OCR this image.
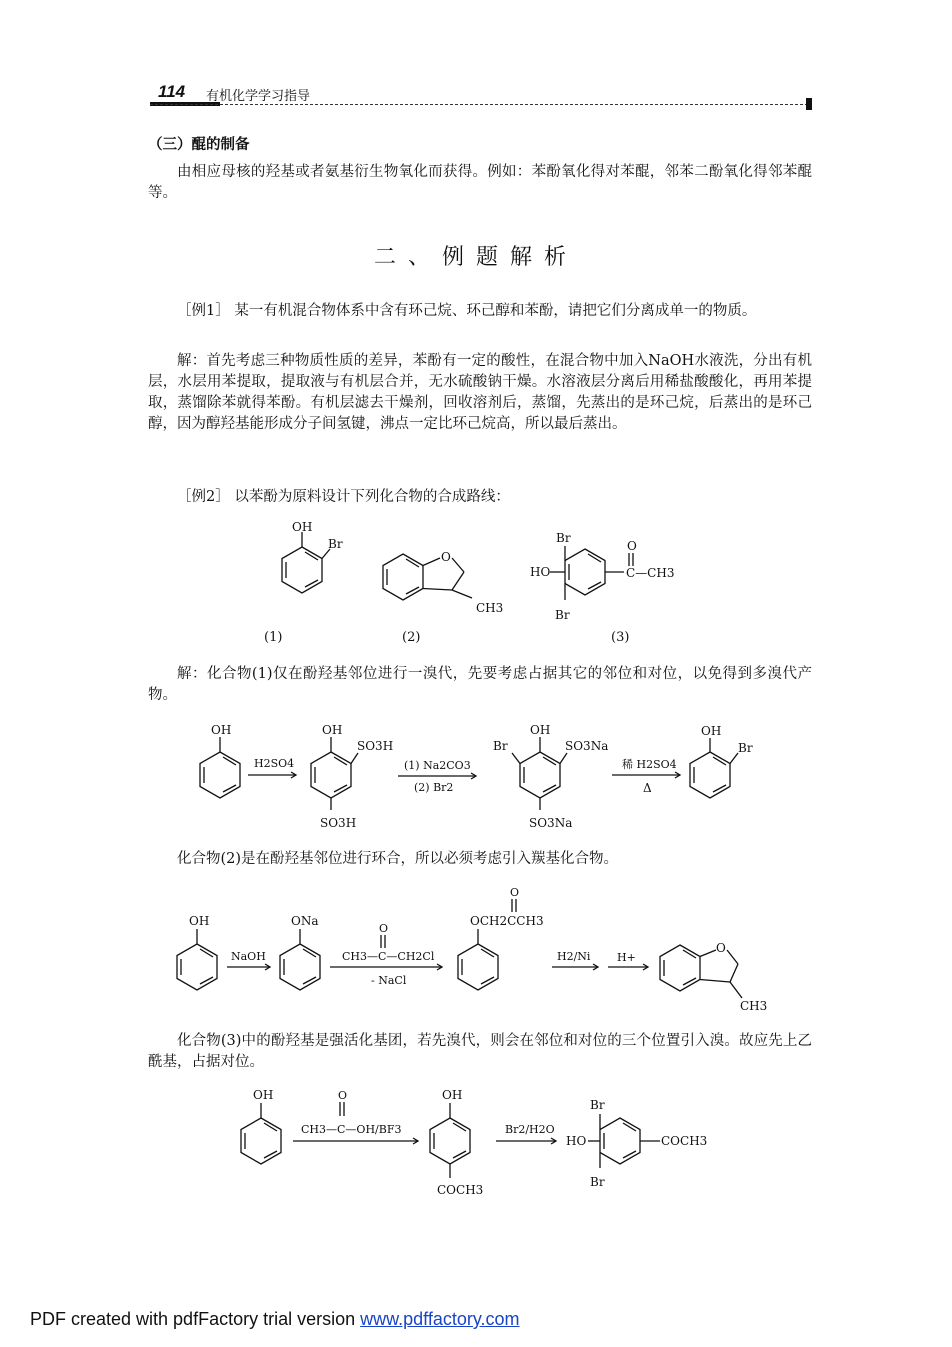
114 有机化学学习指导
（三）醌的制备
由相应母核的羟基或者氨基衍生物氧化而获得。例如：苯酚氧化得对苯醌，邻苯二酚氧化得邻苯醌等。
二、例题解析
［例1］ 某一有机混合物体系中含有环己烷、环己醇和苯酚，请把它们分离成单一的物质。
解：首先考虑三种物质性质的差异，苯酚有一定的酸性，在混合物中加入NaOH水液洗，分出有机层，水层用苯提取，提取液与有机层合并，无水硫酸钠干燥。水溶液层分离后用稀盐酸酸化，再用苯提取，蒸馏除苯就得苯酚。有机层滤去干燥剂，回收溶剂后，蒸馏，先蒸出的是环己烷，后蒸出的是环己醇，因为醇羟基能形成分子间氢键，沸点一定比环己烷高，所以最后蒸出。
［例2］ 以苯酚为原料设计下列化合物的合成路线：
OH
Br
(1)
O
CH3
(2)
Br
Br
HO
O
C—CH3
(3)
解：化合物(1)仅在酚羟基邻位进行一溴代，先要考虑占据其它的邻位和对位，以免得到多溴代产物。
OH
H2SO4
OH
SO3H
SO3H
(1) Na2CO3
(2) Br2
OH
Br	SO3Na
SO3Na
稀 H2SO4
Δ
OH
Br
化合物(2)是在酚羟基邻位进行环合，所以必须考虑引入羰基化合物。
OH
NaOH
ONa
O
CH3—C—CH2Cl
- NaCl
O
OCH2CCH3
H2/Ni H+
O
CH3
化合物(3)中的酚羟基是强活化基团，若先溴代，则会在邻位和对位的三个位置引入溴。故应先上乙酰基，占据对位。
OH	O
CH3—C—OH/BF3
OH
COCH3
Br2/H2O
Br
HO	COCH3
Br
PDF created with pdfFactory trial version www.pdffactory.com
